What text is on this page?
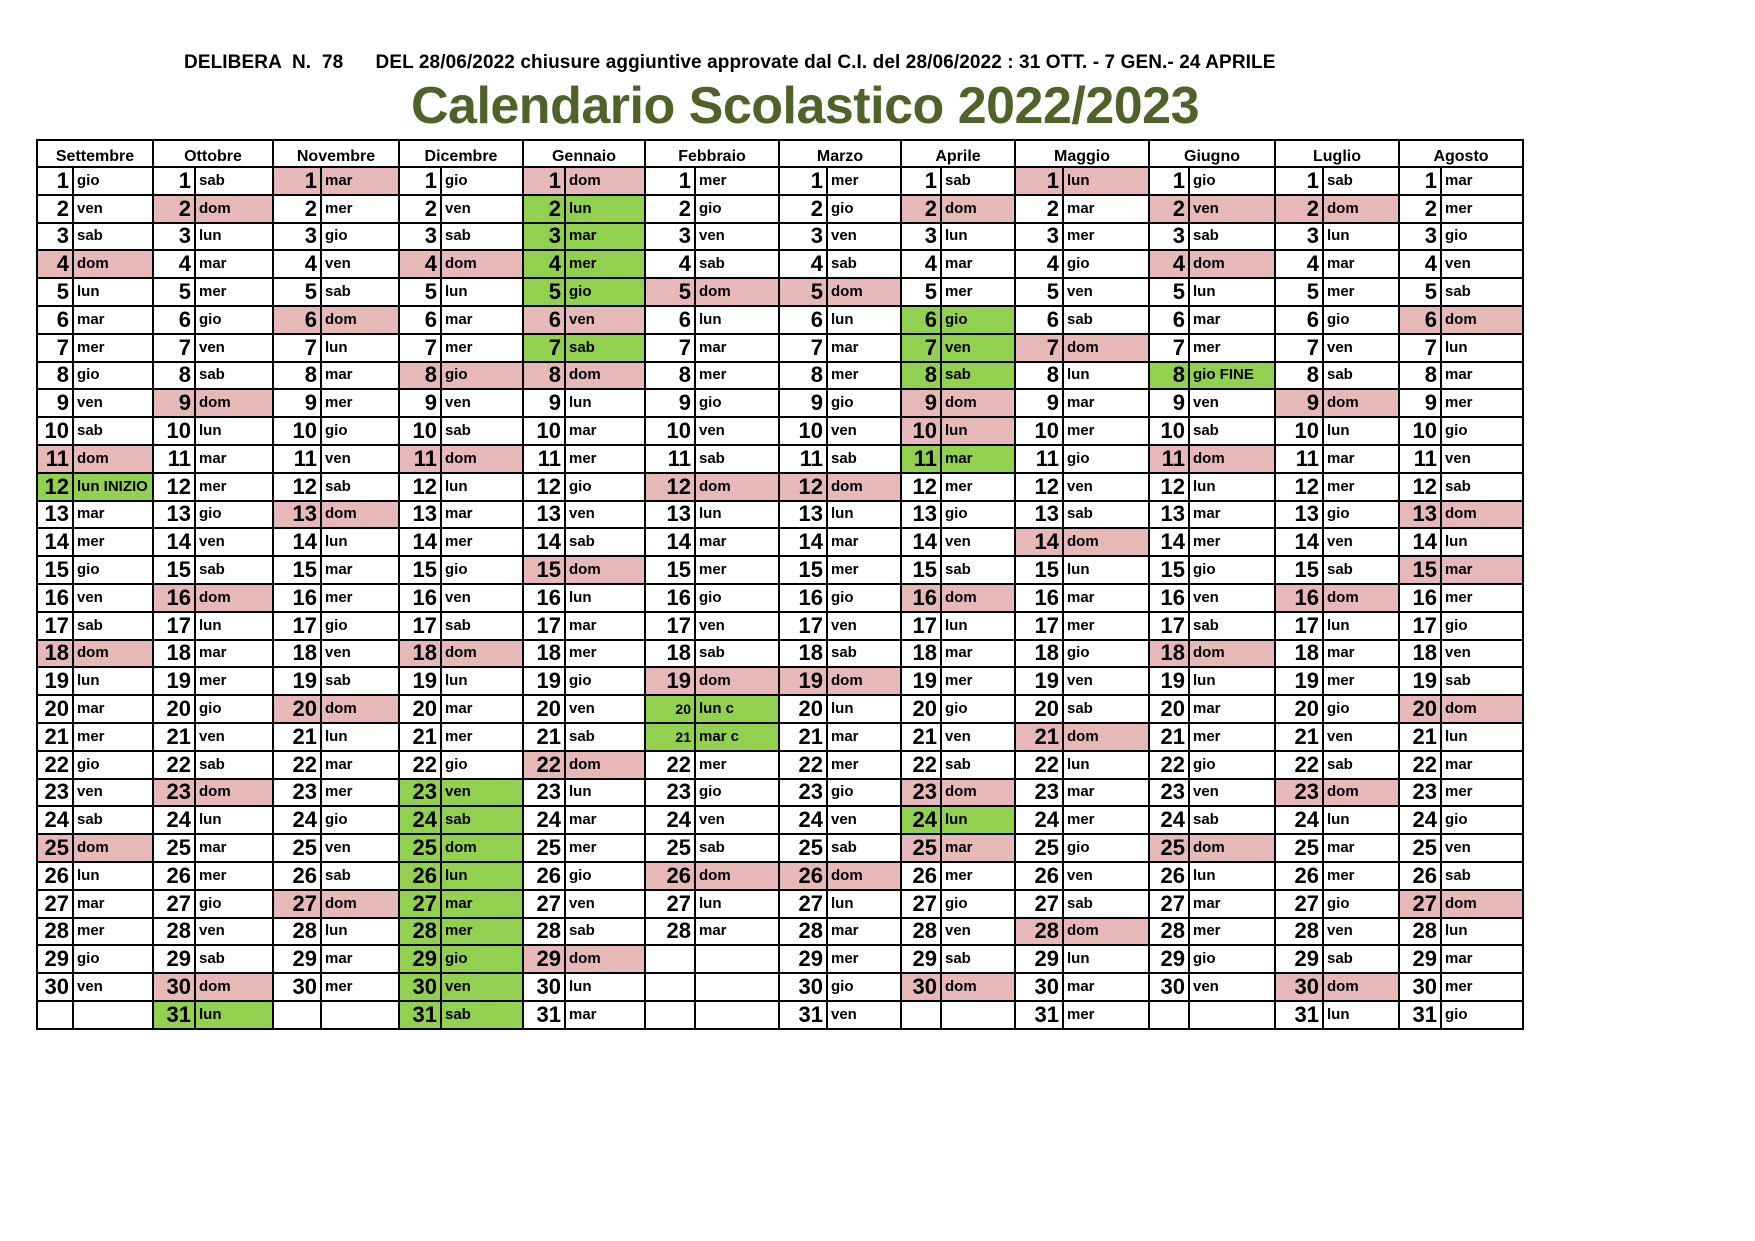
DELIBERA  N.  78      DEL 28/06/2022 chiusure aggiuntive approvate dal C.I. del 28/06/2022 : 31 OTT. - 7 GEN.- 24 APRILE
Calendario Scolastico 2022/2023
Settembre		Ottobre		Novembre		Dicembre		Gennaio		Febbraio		Marzo		Aprile		Maggio		Giugno		Luglio		Agosto	
1	gio	1	sab	1	mar	1	gio	1	dom	1	mer	1	mer	1	sab	1	lun	1	gio	1	sab	1	mar
2	ven	2	dom	2	mer	2	ven	2	lun	2	gio	2	gio	2	dom	2	mar	2	ven	2	dom	2	mer
3	sab	3	lun	3	gio	3	sab	3	mar	3	ven	3	ven	3	lun	3	mer	3	sab	3	lun	3	gio
4	dom	4	mar	4	ven	4	dom	4	mer	4	sab	4	sab	4	mar	4	gio	4	dom	4	mar	4	ven
5	lun	5	mer	5	sab	5	lun	5	gio	5	dom	5	dom	5	mer	5	ven	5	lun	5	mer	5	sab
6	mar	6	gio	6	dom	6	mar	6	ven	6	lun	6	lun	6	gio	6	sab	6	mar	6	gio	6	dom
7	mer	7	ven	7	lun	7	mer	7	sab	7	mar	7	mar	7	ven	7	dom	7	mer	7	ven	7	lun
8	gio	8	sab	8	mar	8	gio	8	dom	8	mer	8	mer	8	sab	8	lun	8	gio FINE	8	sab	8	mar
9	ven	9	dom	9	mer	9	ven	9	lun	9	gio	9	gio	9	dom	9	mar	9	ven	9	dom	9	mer
10	sab	10	lun	10	gio	10	sab	10	mar	10	ven	10	ven	10	lun	10	mer	10	sab	10	lun	10	gio
11	dom	11	mar	11	ven	11	dom	11	mer	11	sab	11	sab	11	mar	11	gio	11	dom	11	mar	11	ven
12	lun INIZIO	12	mer	12	sab	12	lun	12	gio	12	dom	12	dom	12	mer	12	ven	12	lun	12	mer	12	sab
13	mar	13	gio	13	dom	13	mar	13	ven	13	lun	13	lun	13	gio	13	sab	13	mar	13	gio	13	dom
14	mer	14	ven	14	lun	14	mer	14	sab	14	mar	14	mar	14	ven	14	dom	14	mer	14	ven	14	lun
15	gio	15	sab	15	mar	15	gio	15	dom	15	mer	15	mer	15	sab	15	lun	15	gio	15	sab	15	mar
16	ven	16	dom	16	mer	16	ven	16	lun	16	gio	16	gio	16	dom	16	mar	16	ven	16	dom	16	mer
17	sab	17	lun	17	gio	17	sab	17	mar	17	ven	17	ven	17	lun	17	mer	17	sab	17	lun	17	gio
18	dom	18	mar	18	ven	18	dom	18	mer	18	sab	18	sab	18	mar	18	gio	18	dom	18	mar	18	ven
19	lun	19	mer	19	sab	19	lun	19	gio	19	dom	19	dom	19	mer	19	ven	19	lun	19	mer	19	sab
20	mar	20	gio	20	dom	20	mar	20	ven	20	lun c	20	lun	20	gio	20	sab	20	mar	20	gio	20	dom
21	mer	21	ven	21	lun	21	mer	21	sab	21	mar c	21	mar	21	ven	21	dom	21	mer	21	ven	21	lun
22	gio	22	sab	22	mar	22	gio	22	dom	22	mer	22	mer	22	sab	22	lun	22	gio	22	sab	22	mar
23	ven	23	dom	23	mer	23	ven	23	lun	23	gio	23	gio	23	dom	23	mar	23	ven	23	dom	23	mer
24	sab	24	lun	24	gio	24	sab	24	mar	24	ven	24	ven	24	lun	24	mer	24	sab	24	lun	24	gio
25	dom	25	mar	25	ven	25	dom	25	mer	25	sab	25	sab	25	mar	25	gio	25	dom	25	mar	25	ven
26	lun	26	mer	26	sab	26	lun	26	gio	26	dom	26	dom	26	mer	26	ven	26	lun	26	mer	26	sab
27	mar	27	gio	27	dom	27	mar	27	ven	27	lun	27	lun	27	gio	27	sab	27	mar	27	gio	27	dom
28	mer	28	ven	28	lun	28	mer	28	sab	28	mar	28	mar	28	ven	28	dom	28	mer	28	ven	28	lun
29	gio	29	sab	29	mar	29	gio	29	dom			29	mer	29	sab	29	lun	29	gio	29	sab	29	mar
30	ven	30	dom	30	mer	30	ven	30	lun			30	gio	30	dom	30	mar	30	ven	30	dom	30	mer
		31	lun			31	sab	31	mar			31	ven			31	mer			31	lun	31	gio
